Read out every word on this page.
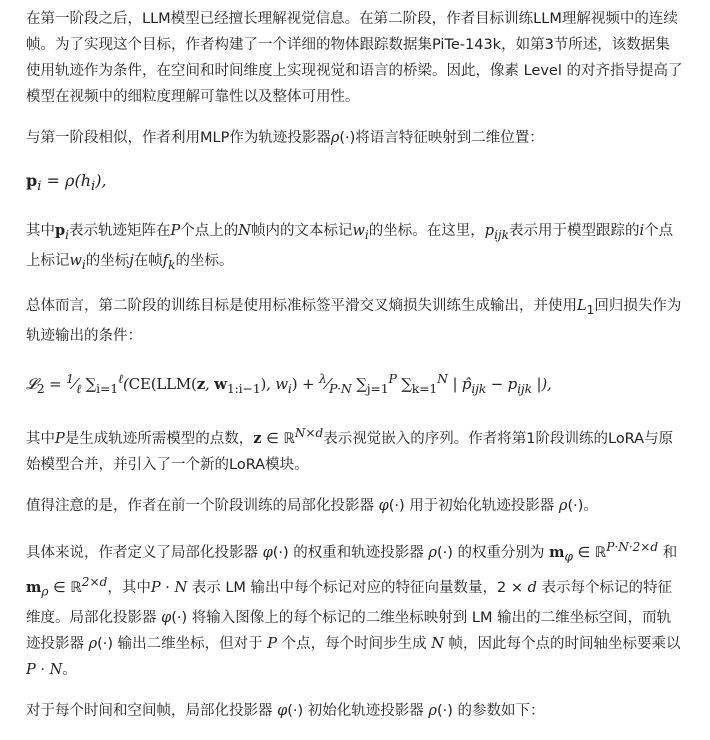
在第一阶段之后，LLM模型已经擅长理解视觉信息。在第二阶段，作者目标训练LLM理解视频中的连续帧。为了实现这个目标，作者构建了一个详细的物体跟踪数据集PiTe-143k，如第3节所述，该数据集使用轨迹作为条件，在空间和时间维度上实现视觉和语言的桥梁。因此，像素 Level 的对齐指导提高了模型在视频中的细粒度理解可靠性以及整体可用性。

与第一阶段相似，作者利用MLP作为轨迹投影器ρ(·)将语言特征映射到二维位置：

$p_i = \rho(h_i)$,

其中$p_i$表示轨迹矩阵在P个点上的N帧内的文本标记$w_i$的坐标。在这里，$p_{ijk}$表示用于模型跟踪的i个点上标记$w_i$的坐标j在帧$f_k$的坐标。

总体而言，第二阶段的训练目标是使用标准标签平滑交叉熵损失训练生成输出，并使用$L_1$回归损失作为轨迹输出的条件：

𝓛$_2$ = $^1⁄_\ell$ $\sum_{i=1}^\ell(CE(LLM(z$, $w_{1:i-1}$), $w_i$) + $^\lambda⁄_{P\cdot N}$ $\sum_{j=1}^P$ $\sum_{k=1}^N$ | $p̂_{ijk} - p_{ijk}$ |),

其中P是生成轨迹所需模型的点数，z ∈ ℝ$^{N\times d}$表示视觉嵌入的序列。作者将第1阶段训练的LoRA与原始模型合并，并引入了一个新的LoRA模块。

值得注意的是，作者在前一个阶段训练的局部化投影器 φ(·) 用于初始化轨迹投影器 ρ(·)。

具体来说，作者定义了局部化投影器 φ(·) 的权重和轨迹投影器 ρ(·) 的权重分别为 $m_\varphi$ ∈ ℝ$^{P\cdot N\cdot 2\times d}$ 和 $m_\rho$ ∈ ℝ$^{2\times d}$，其中P · N 表示 LM 输出中每个标记对应的特征向量数量，2 × d 表示每个标记的特征维度。局部化投影器 φ(·) 将输入图像上的每个标记的二维坐标映射到 LM 输出的二维坐标空间，而轨迹投影器 ρ(·) 输出二维坐标，但对于 P 个点，每个时间步生成 N 帧，因此每个点的时间轴坐标要乘以 P · N。

对于每个时间和空间帧，局部化投影器 φ(·) 初始化轨迹投影器 ρ(·) 的参数如下：
